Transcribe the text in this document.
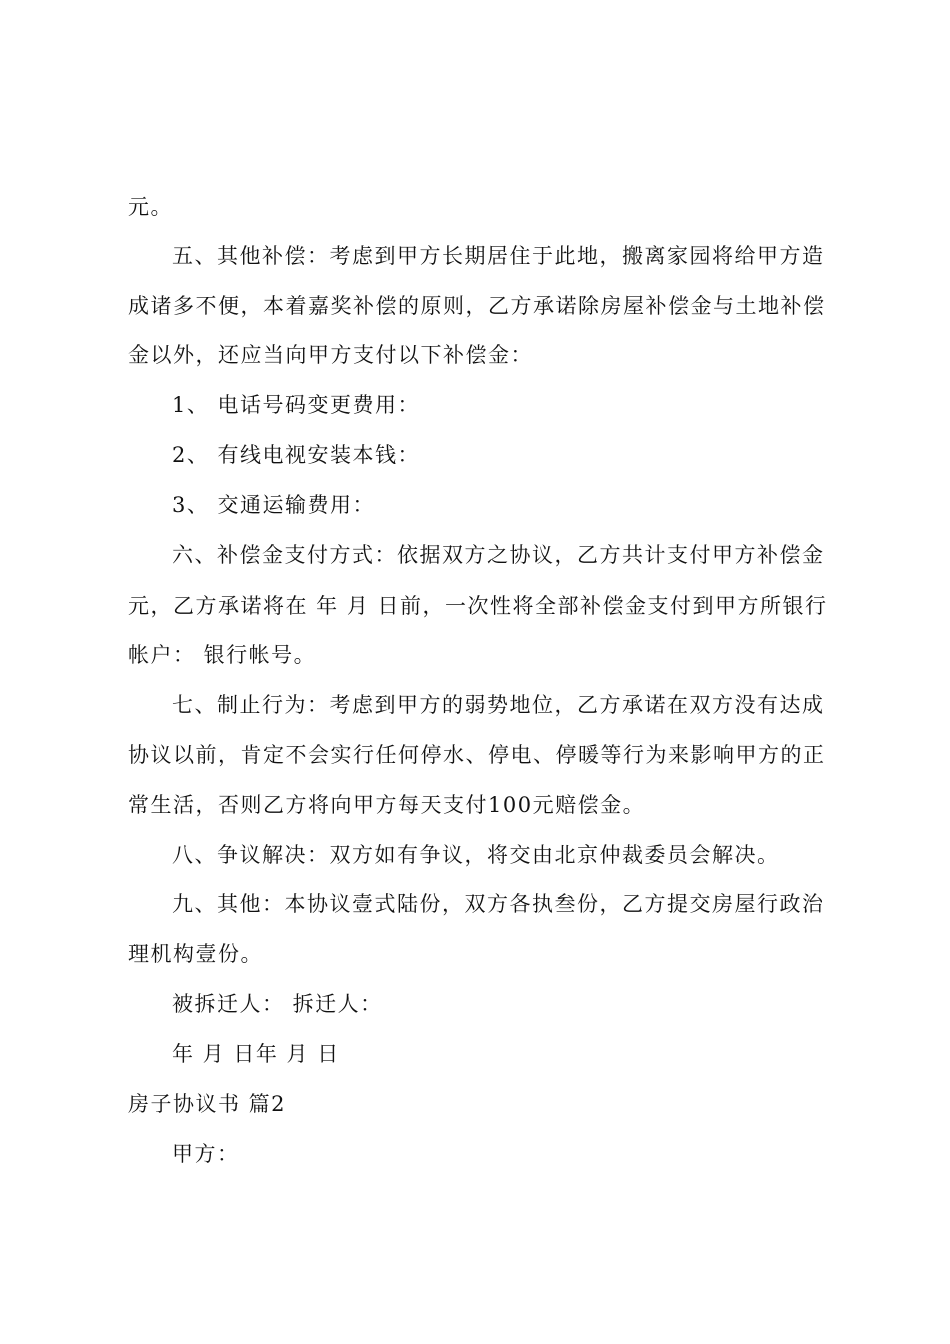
元。

五、其他补偿：考虑到甲方长期居住于此地，搬离家园将给甲方造

成诸多不便，本着嘉奖补偿的原则，乙方承诺除房屋补偿金与土地补偿

金以外，还应当向甲方支付以下补偿金：

1、 电话号码变更费用：

2、 有线电视安装本钱：

3、 交通运输费用：

六、补偿金支付方式：依据双方之协议，乙方共计支付甲方补偿金

元，乙方承诺将在 年 月 日前，一次性将全部补偿金支付到甲方所银行

帐户： 银行帐号。

七、制止行为：考虑到甲方的弱势地位，乙方承诺在双方没有达成

协议以前，肯定不会实行任何停水、停电、停暖等行为来影响甲方的正

常生活，否则乙方将向甲方每天支付100元赔偿金。

八、争议解决：双方如有争议，将交由北京仲裁委员会解决。

九、其他：本协议壹式陆份，双方各执叁份，乙方提交房屋行政治

理机构壹份。

被拆迁人： 拆迁人：

年 月 日年 月 日

房子协议书 篇2

甲方：
